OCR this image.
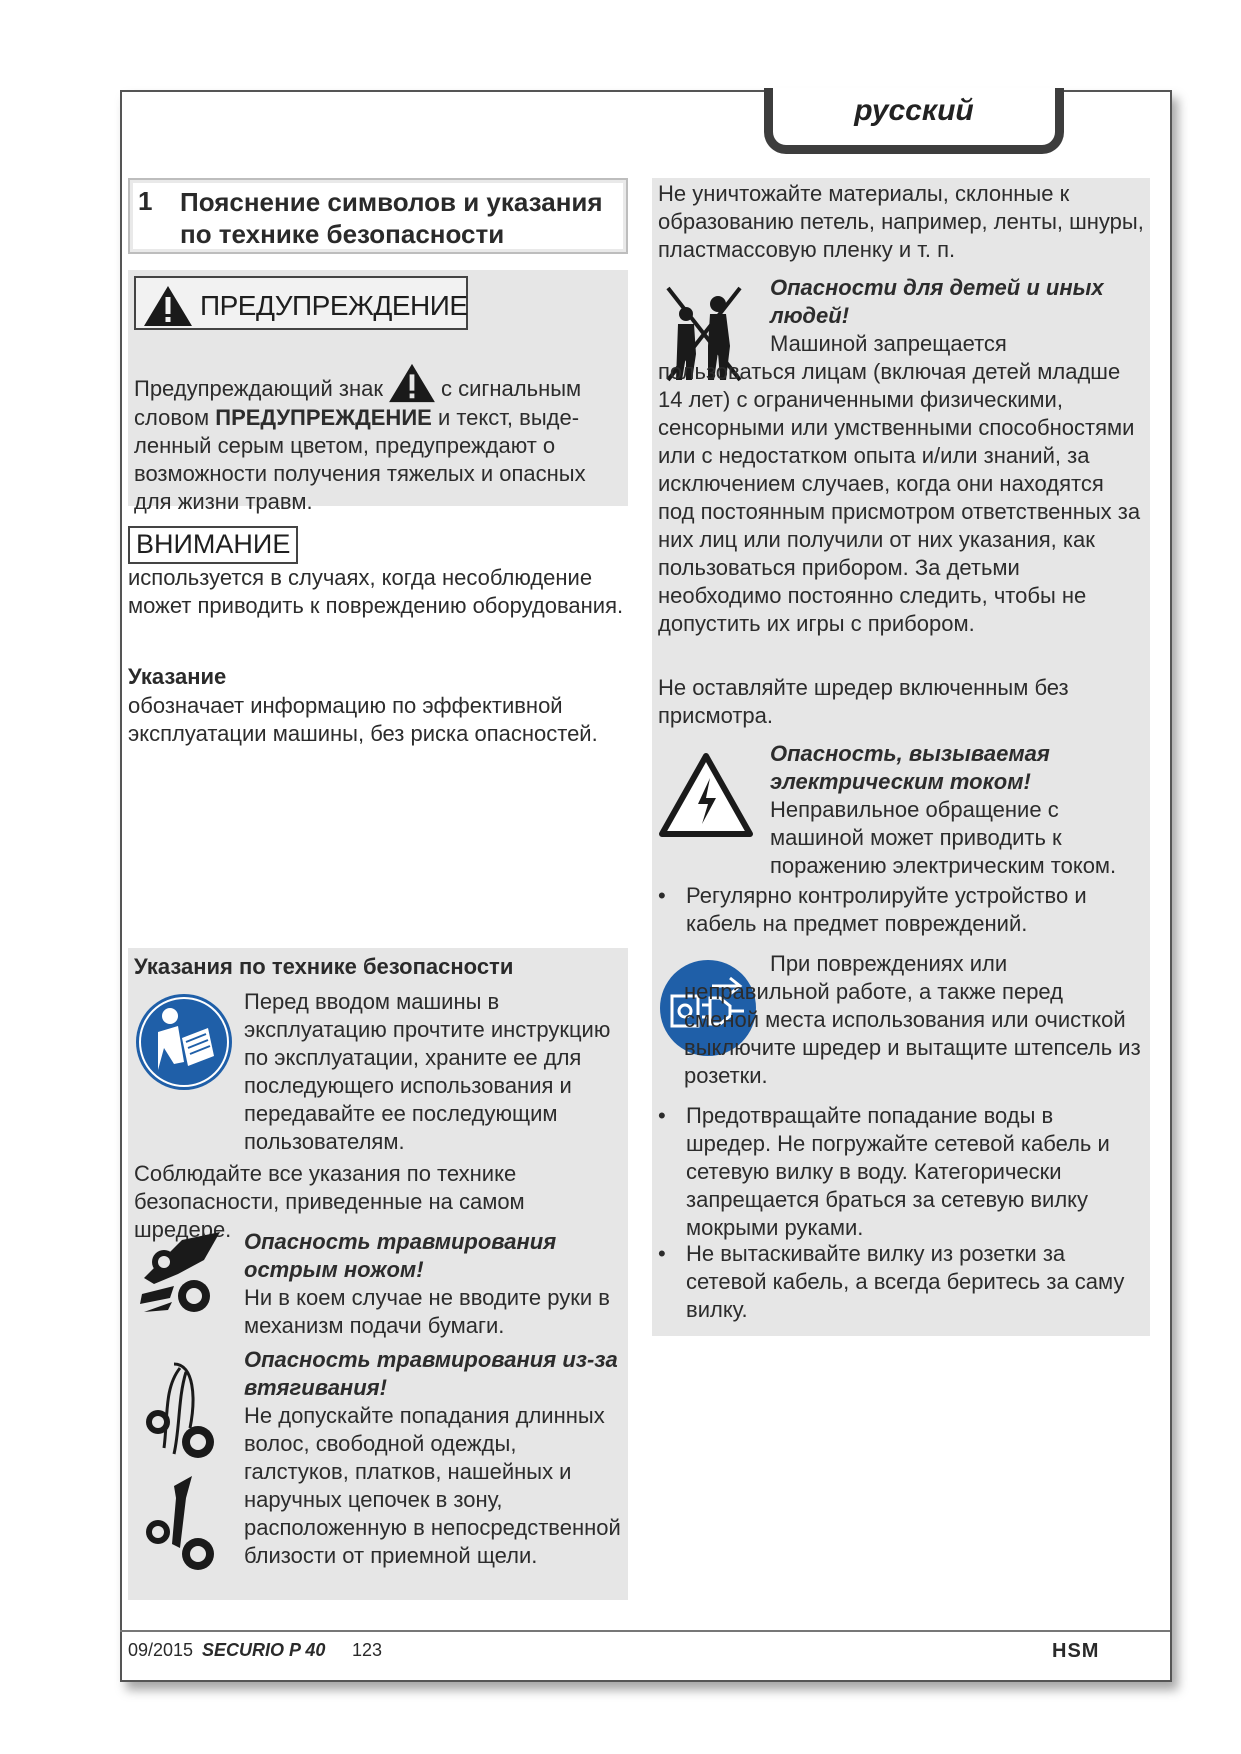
русский
1 Пояснение символов и указания по технике безопасности
ПРЕДУПРЕЖДЕНИЕ
Предупреждающий знак	с сигнальным
словом ПРЕДУПРЕЖДЕНИЕ и текст, выде- ленный серым цветом, предупреждают о возможности получения тяжелых и опасных для жизни травм.
ВНИМАНИЕ
используется в случаях, когда несоблюдение может приводить к повреждению оборудования.
Указание
обозначает информацию по эффективной эксплуатации машины, без риска опасностей.
Указания по технике безопасности
Перед вводом машины в эксплуатацию прочтите инструкцию по эксплуатации, храните ее для последующего использования и передавайте ее последующим пользователям.
Соблюдайте все указания по технике безопасности, приведенные на самом шредере. Опасность травмирования острым ножом!
Ни в коем случае не вводите руки в механизм подачи бумаги.
Опасность травмирования из-за втягивания!
Не допускайте попадания длинных волос, свободной одежды, галстуков, платков, нашейных и наручных цепочек в зону, расположенную в непосредственной близости от приемной щели.
Не уничтожайте материалы, склонные к образованию петель, например, ленты, шнуры, пластмассовую пленку и т. п.
Опасности для детей и иных людей!
Машиной запрещается пользоваться лицам (включая детей младше 14 лет) с ограниченными физическими, сенсорными или умственными способностями или с недостатком опыта и/или знаний, за исключением случаев, когда они находятся под постоянным присмотром ответственных за них лиц или получили от них указания, как пользоваться прибором. За детьми необходимо постоянно следить, чтобы не допустить их игры с прибором.
Не оставляйте шредер включенным без присмотра.
Опасность, вызываемая электрическим током!
Неправильное обращение с машиной может приводить к поражению электрическим током.
• Регулярно контролируйте устройство и кабель на предмет повреждений.
При повреждениях или неправильной работе, а также перед сменой места использования или очисткой выключите шредер и вытащите штепсель из розетки.
• Предотвращайте попадание воды в шредер. Не погружайте сетевой кабель и сетевую вилку в воду. Категорически запрещается браться за сетевую вилку мокрыми руками.
• Не вытаскивайте вилку из розетки за сетевой кабель, а всегда беритесь за саму вилку.
09/2015 SECURIO P 40 123	HSM
